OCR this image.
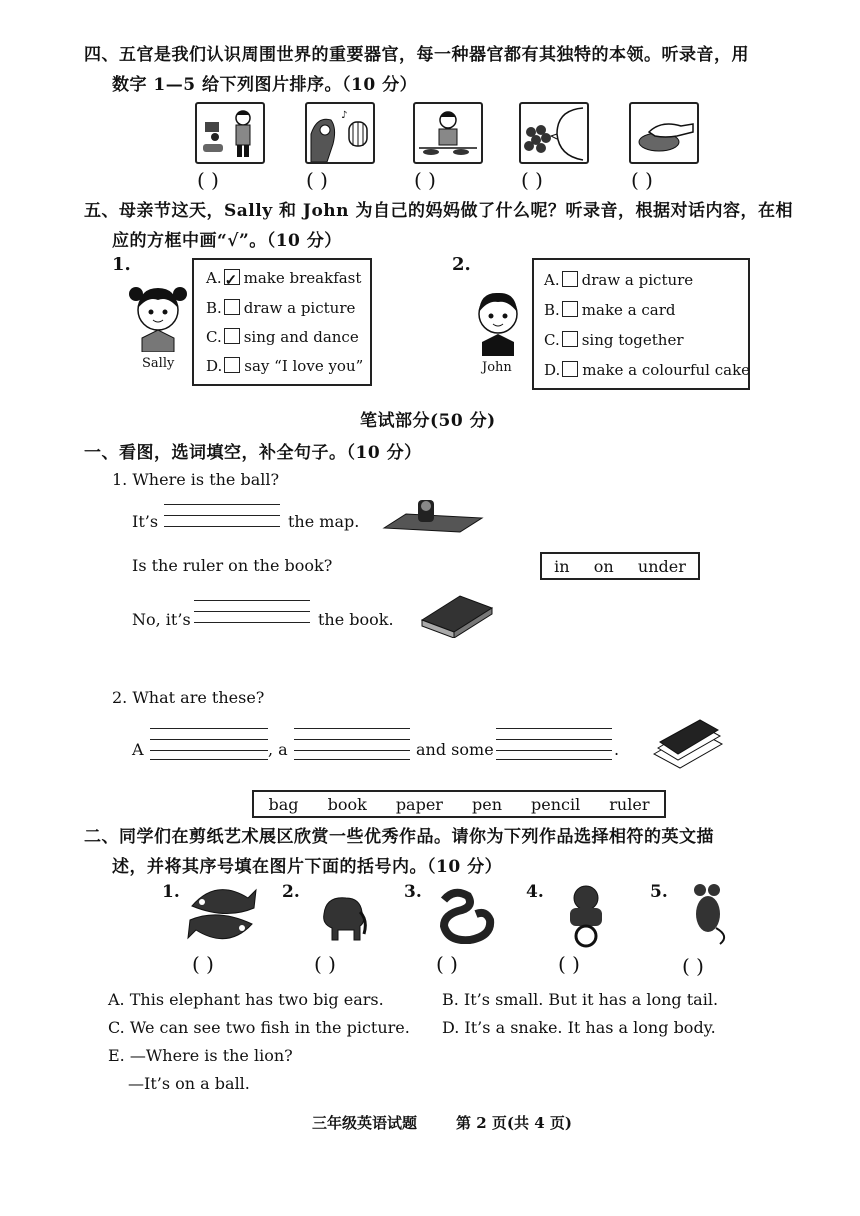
四、五官是我们认识周围世界的重要器官，每一种器官都有其独特的本领。听录音，用
数字 1—5 给下列图片排序。（10 分）
♪
( )	( )	( )	( )	( )
五、母亲节这天，Sally 和 John 为自己的妈妈做了什么呢？听录音，根据对话内容，在相
应的方框中画“√”。（10 分）
1.
Sally
A.✓ make breakfast
B. draw a picture
C. sing and dance
D. say “I love you”
2.
John
A. draw a picture
B. make a card
C. sing together
D. make a colourful cake
笔试部分(50 分)
一、看图，选词填空，补全句子。（10 分）
1. Where is the ball?
It’s	the map.
Is the ruler on the book?	in on under
No, it’s	the book.
2. What are these?
A	, a	and some	.
bag book paper pen pencil ruler
二、同学们在剪纸艺术展区欣赏一些优秀作品。请你为下列作品选择相符的英文描
述，并将其序号填在图片下面的括号内。（10 分）
1.	2.	3.	4.	5.
( )	( )	( )	( )	( )
A. This elephant has two big ears.	B. It’s small. But it has a long tail.
C. We can see two fish in the picture. D. It’s a snake. It has a long body.
E. —Where is the lion?
—It’s on a ball.
三年级英语试题	第 2 页(共 4 页)
